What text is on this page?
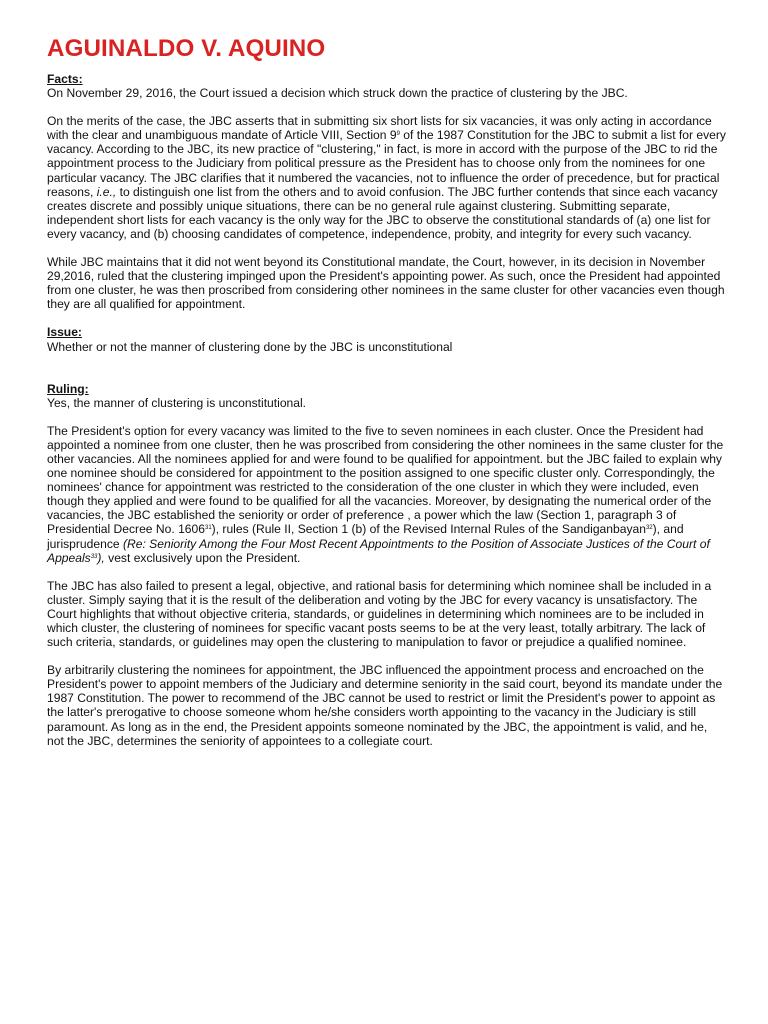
AGUINALDO V. AQUINO

Facts:

On November 29, 2016, the Court issued a decision which struck down the practice of clustering by the JBC.

On the merits of the case, the JBC asserts that in submitting six short lists for six vacancies, it was only acting in accordance with the clear and unambiguous mandate of Article VIII, Section $9^9$ of the 1987 Constitution for the JBC to submit a list for every vacancy. According to the JBC, its new practice of "clustering," in fact, is more in accord with the purpose of the JBC to rid the appointment process to the Judiciary from political pressure as the President has to choose only from the nominees for one particular vacancy. The JBC clarifies that it numbered the vacancies, not to influence the order of precedence, but for practical reasons, i.e., to distinguish one list from the others and to avoid confusion. The JBC further contends that since each vacancy creates discrete and possibly unique situations, there can be no general rule against clustering. Submitting separate, independent short lists for each vacancy is the only way for the JBC to observe the constitutional standards of (a) one list for every vacancy, and (b) choosing candidates of competence, independence, probity, and integrity for every such vacancy.

While JBC maintains that it did not went beyond its Constitutional mandate, the Court, however, in its decision in November 29,2016, ruled that the clustering impinged upon the President's appointing power. As such, once the President had appointed from one cluster, he was then proscribed from considering other nominees in the same cluster for other vacancies even though they are all qualified for appointment.

Issue:

Whether or not the manner of clustering done by the JBC is unconstitutional

Ruling:

Yes, the manner of clustering is unconstitutional.

The President's option for every vacancy was limited to the five to seven nominees in each cluster. Once the President had appointed a nominee from one cluster, then he was proscribed from considering the other nominees in the same cluster for the other vacancies. All the nominees applied for and were found to be qualified for appointment. but the JBC failed to explain why one nominee should be considered for appointment to the position assigned to one specific cluster only. Correspondingly, the nominees' chance for appointment was restricted to the consideration of the one cluster in which they were included, even though they applied and were found to be qualified for all the vacancies. Moreover, by designating the numerical order of the vacancies, the JBC established the seniority or order of preference , a power which the law (Section 1, paragraph 3 of Presidential Decree No. 1606$^{31}$), rules (Rule II, Section 1 (b) of the Revised Internal Rules of the Sandiganbayan$^{32}$), and jurisprudence (Re: Seniority Among the Four Most Recent Appointments to the Position of Associate Justices of the Court of Appeals$^{33}$), vest exclusively upon the President.

The JBC has also failed to present a legal, objective, and rational basis for determining which nominee shall be included in a cluster. Simply saying that it is the result of the deliberation and voting by the JBC for every vacancy is unsatisfactory. The Court highlights that without objective criteria, standards, or guidelines in determining which nominees are to be included in which cluster, the clustering of nominees for specific vacant posts seems to be at the very least, totally arbitrary. The lack of such criteria, standards, or guidelines may open the clustering to manipulation to favor or prejudice a qualified nominee.

By arbitrarily clustering the nominees for appointment, the JBC influenced the appointment process and encroached on the President's power to appoint members of the Judiciary and determine seniority in the said court, beyond its mandate under the 1987 Constitution. The power to recommend of the JBC cannot be used to restrict or limit the President's power to appoint as the latter's prerogative to choose someone whom he/she considers worth appointing to the vacancy in the Judiciary is still paramount. As long as in the end, the President appoints someone nominated by the JBC, the appointment is valid, and he, not the JBC, determines the seniority of appointees to a collegiate court.
